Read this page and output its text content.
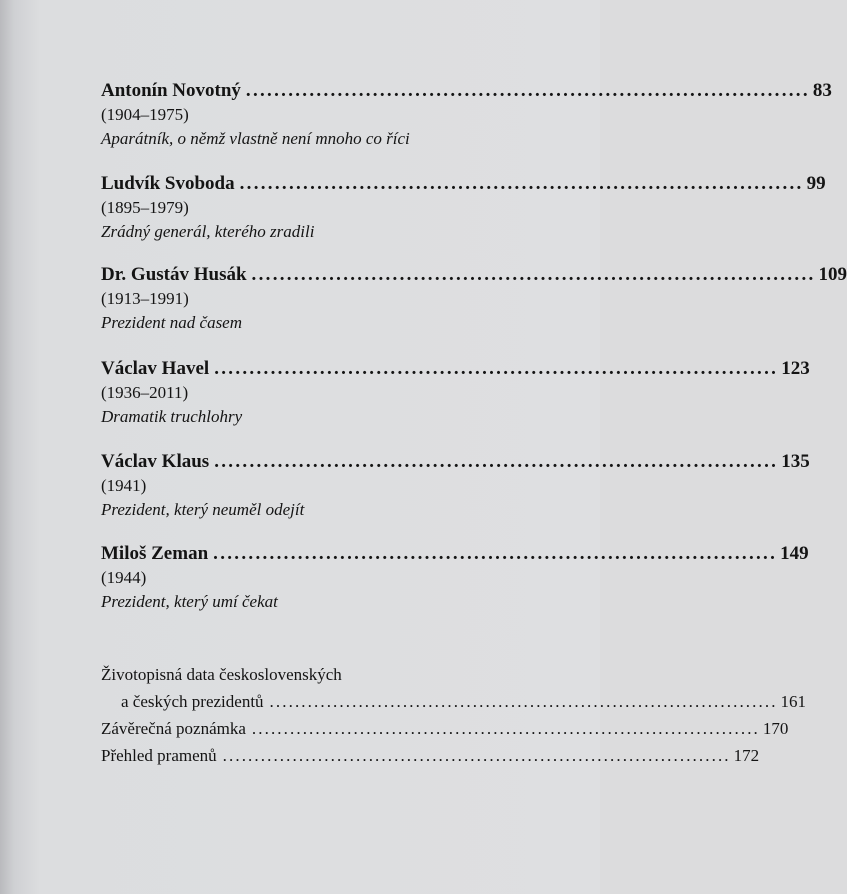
Antonín Novotný ................................................................................ 83
(1904–1975)
Aparátník, o němž vlastně není mnoho co říci
Ludvík Svoboda ................................................................................ 99
(1895–1979)
Zrádný generál, kterého zradili
Dr. Gustáv Husák ................................................................................ 109
(1913–1991)
Prezident nad časem
Václav Havel ................................................................................ 123
(1936–2011)
Dramatik truchlohry
Václav Klaus ................................................................................ 135
(1941)
Prezident, který neuměl odejít
Miloš Zeman ................................................................................ 149
(1944)
Prezident, který umí čekat
Životopisná data československých
a českých prezidentů ................................................................................ 161
Závěrečná poznámka ................................................................................ 170
Přehled pramenů ................................................................................ 172
